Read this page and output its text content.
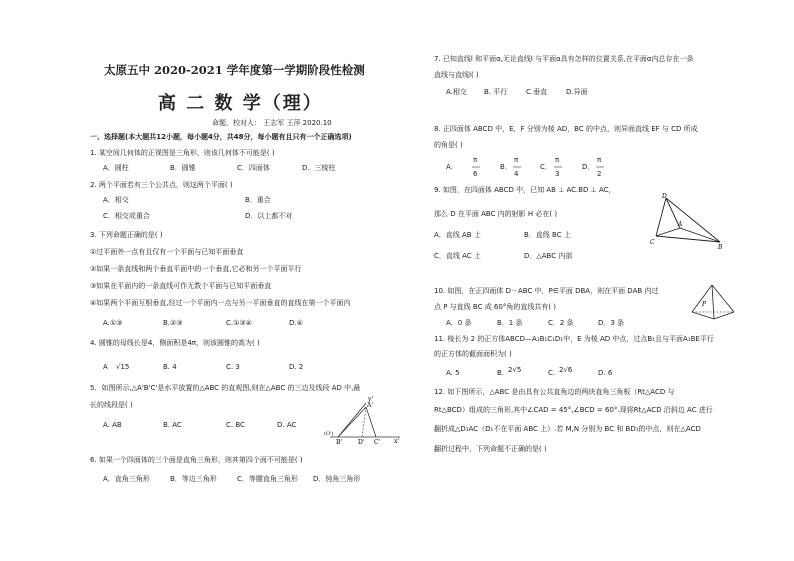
太原五中 2020-2021 学年度第一学期阶段性检测
高 二 数 学（理）
命题、校对人： 王志军 王萍 2020.10
一、选择题(本大题共12小题，每小题4分，共48分，每小题有且只有一个正确选项)
1. 某空间几何体的正视图是三角形，则该几何体不可能是( )
A．圆柱	B．圆锥	C．四面体	D．三棱柱
2. 两个平面若有三个公共点，则这两个平面( )
A．相交	B．重合
C．相交或重合	D．以上都不对
3. 下列命题正确的是( )
①过平面外一点有且仅有一个平面与已知平面垂直
②如果一条直线和两个垂直平面中的一个垂直,它必和另一个平面平行
③如果在平面内的一条直线可作无数个平面与已知平面垂直
④如果两个平面互相垂直,经过一个平面内一点与另一平面垂直的直线在第一个平面内
A.①③	B.②③	C.①③④	D.④
4. 圆锥的母线长是4，侧面积是4π，则该圆锥的高为( )
A √15	B. 4	C. 3	D. 2
5．如图所示,△A'B'C'是水平放置的△ABC 的直观图,则在△ABC 的三边及线段 AD 中,最
长的线段是( )
A. AB	B. AC	C. BC	D. AC
A'
y'
(O')
B'	D' C' x'
6. 如果一个四面体的三个面是直角三角形，则其第四个面不可能是( )
A．直角三角形	B．等边三角形	C．等腰直角三角形 D．钝角三角形
7. 已知直线l 和平面α,无论直线l 与平面α具有怎样的位置关系,在平面α内总存在一条
直线与直线l( )
A.相交 B. 平行	C.垂直	D.异面
8. 正四面体 ABCD 中，E，F 分别为棱 AD，BC 的中点，则异面直线 EF 与 CD 所成
的角是( )
A．
π
6
B．
π
4
C．
π
3
D．
π
2
9. 如图，在四面体 ABCD 中，已知 AB ⊥ AC.BD ⊥ AC，
那么 D 在平面 ABC 内的射影 H 必在( )
A．直线 AB 上	B．直线 BC 上
C．直线 AC 上	D．△ABC 内部
D
A
C
B
10. 如图，在正四面体 D－ABC 中，P∈平面 DBA，则在平面 DAB 内过
点 P 与直线 BC 成 60°角的直线共有( )
A．0 条	B．1 条	C．2 条	D．3 条
P
11. 棱长为 2 的正方体ABCD—A₁B₁C₁D₁中，E 为棱 AD 中点，过点B₁且与平面A₁BE平行
的正方体的截面面积为( )
A. 5	B. 2√5	C. 2√6	D. 6
12. 如下图所示，△ABC 是由具有公共直角边的两块直角三角板（Rt△ACD 与
Rt△BCD）组成的三角形,其中∠CAD = 45°,∠BCD = 60°.现将Rt△ACD 沿斜边 AC 进行
翻折成△D₁AC（D₁不在平面 ABC 上）.若 M,N 分别为 BC 和 BD₁的中点，则在△ACD
翻折过程中，下列命题不正确的是( )
